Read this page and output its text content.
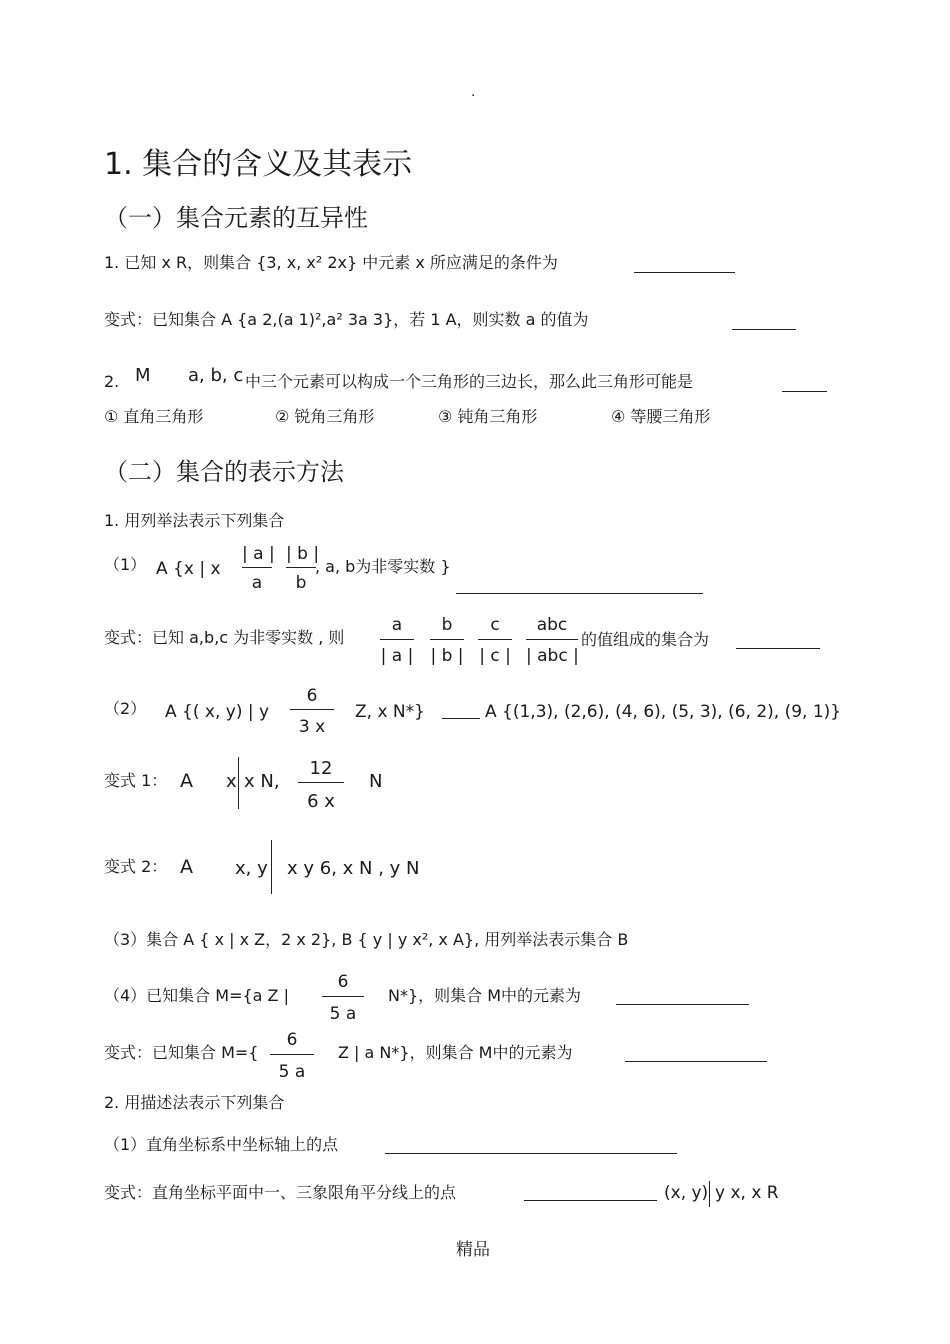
·
1. 集合的含义及其表示
（一）集合元素的互异性
1. 已知 x R，则集合 {3, x, x² 2x} 中元素 x 所应满足的条件为
变式：已知集合 A {a 2,(a 1)²,a² 3a 3}，若 1 A，则实数 a 的值为
2. M a, b, c 中三个元素可以构成一个三角形的三边长，那么此三角形可能是
① 直角三角形	② 锐角三角形	③ 钝角三角形	④ 等腰三角形
（二）集合的表示方法
1. 用列举法表示下列集合
（1） A {x | x
| a |
a
| b |
b
, a, b为非零实数 }
变式：已知 a,b,c 为非零实数 , 则
a
| a |
b
| b |
c
| c |
abc
| abc |
的值组成的集合为
（2） A {( x, y) | y
6
3 x
Z, x N*}	A {(1,3), (2,6), (4, 6), (5, 3), (6, 2), (9, 1)}
变式 1： A x x N,
12
6 x
N
变式 2： A x, y x y 6, x N , y N
（3）集合 A { x | x Z，2 x 2}, B { y | y x², x A}, 用列举法表示集合 B
（4）已知集合 M={a Z |
6
5 a
N*}，则集合 M中的元素为
变式：已知集合 M={
6
5 a
Z | a N*}，则集合 M中的元素为
2. 用描述法表示下列集合
（1）直角坐标系中坐标轴上的点
变式：直角坐标平面中一、三象限角平分线上的点	(x, y) y x, x R
精品
